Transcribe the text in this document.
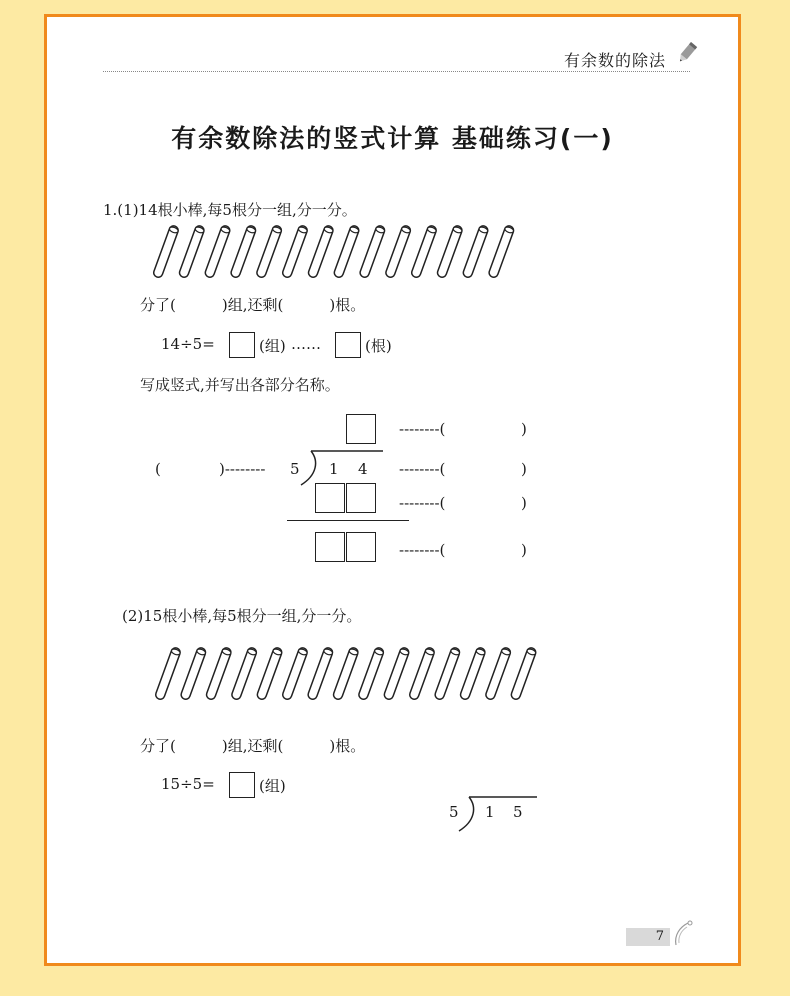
有余数的除法
有余数除法的竖式计算 基础练习(一)
1.(1)14根小棒,每5根分一组,分一分。
分了(	)组,还剩(	)根。
14÷5=	(组) ……	(根)
写成竖式,并写出各部分名称。
--------(	)
(	)-------- 5 1 4 --------(	)
--------(	)
--------(	)
(2)15根小棒,每5根分一组,分一分。
分了(	)组,还剩(	)根。
15÷5=	(组)
5 1 5
7
